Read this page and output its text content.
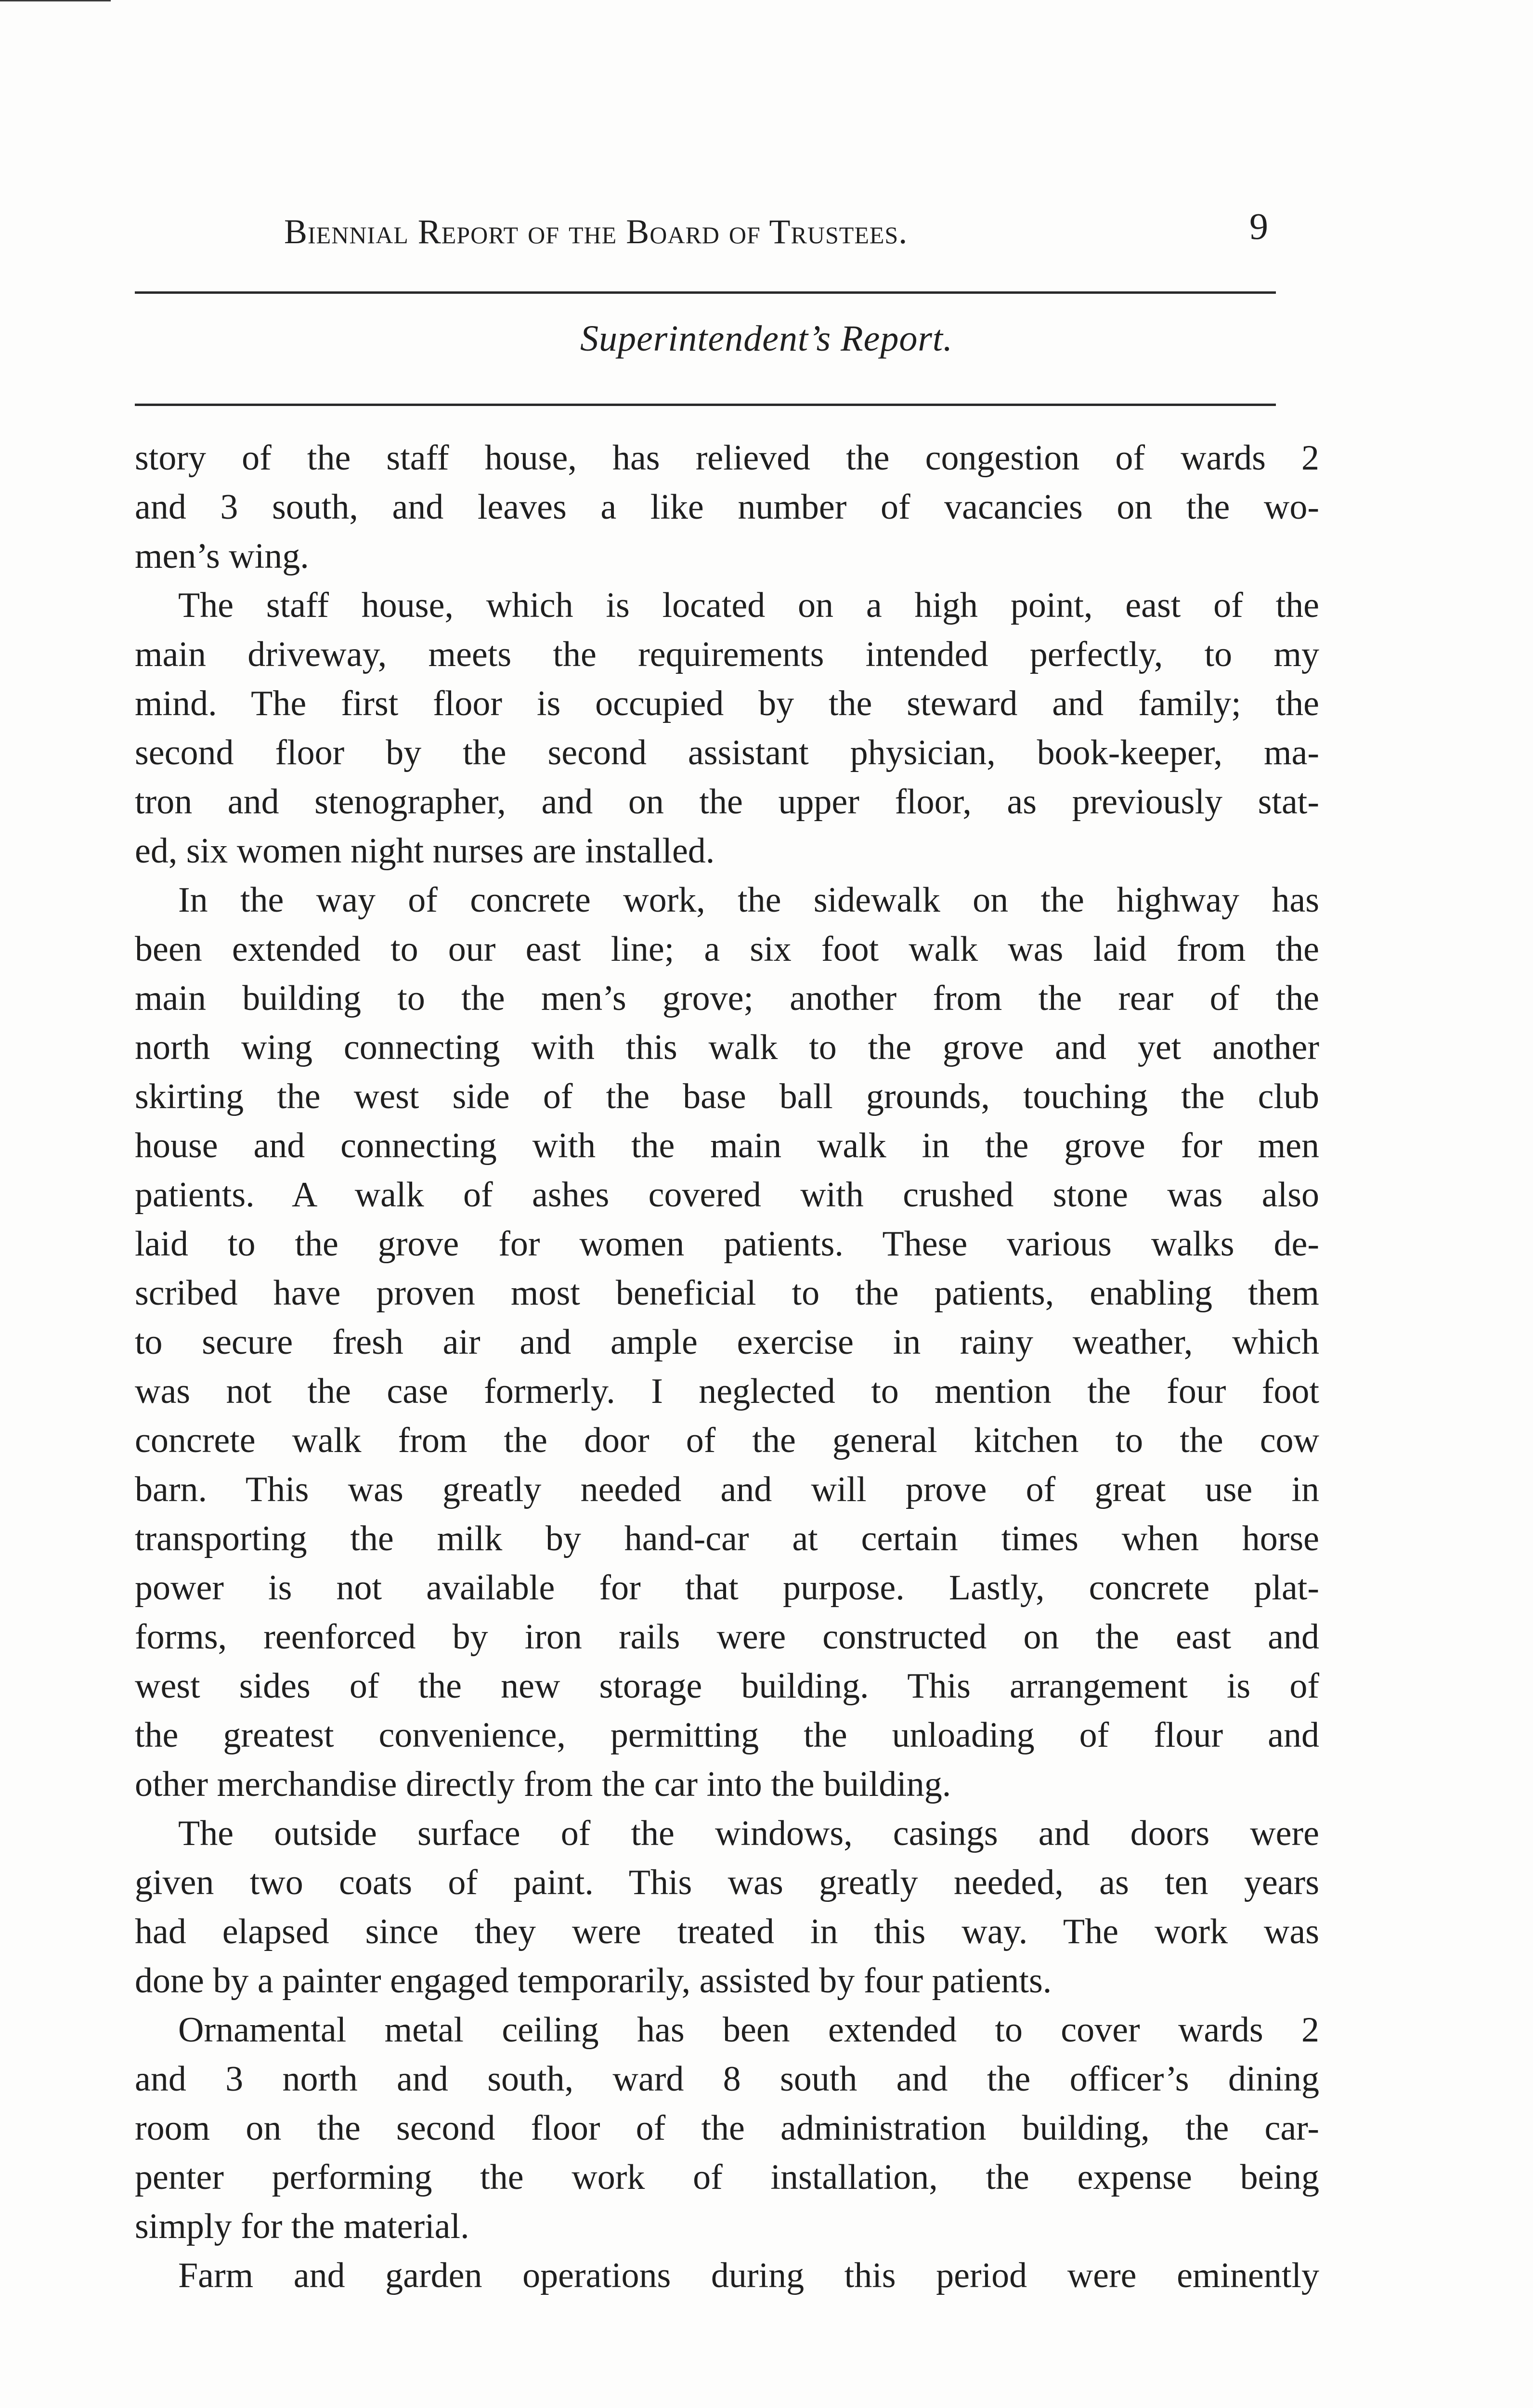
Biennial Report of the Board of Trustees.	9
Superintendent’s Report.
story of the staff house, has relieved the congestion of wards 2
and 3 south, and leaves a like number of vacancies on the wo-
men’s wing.
The staff house, which is located on a high point, east of the
main driveway, meets the requirements intended perfectly, to my
mind. The first floor is occupied by the steward and family; the
second floor by the second assistant physician, book-keeper, ma-
tron and stenographer, and on the upper floor, as previously stat-
ed, six women night nurses are installed.
In the way of concrete work, the sidewalk on the highway has
been extended to our east line; a six foot walk was laid from the
main building to the men’s grove; another from the rear of the
north wing connecting with this walk to the grove and yet another
skirting the west side of the base ball grounds, touching the club
house and connecting with the main walk in the grove for men
patients. A walk of ashes covered with crushed stone was also
laid to the grove for women patients. These various walks de-
scribed have proven most beneficial to the patients, enabling them
to secure fresh air and ample exercise in rainy weather, which
was not the case formerly. I neglected to mention the four foot
concrete walk from the door of the general kitchen to the cow
barn. This was greatly needed and will prove of great use in
transporting the milk by hand-car at certain times when horse
power is not available for that purpose. Lastly, concrete plat-
forms, reenforced by iron rails were constructed on the east and
west sides of the new storage building. This arrangement is of
the greatest convenience, permitting the unloading of flour and
other merchandise directly from the car into the building.
The outside surface of the windows, casings and doors were
given two coats of paint. This was greatly needed, as ten years
had elapsed since they were treated in this way. The work was
done by a painter engaged temporarily, assisted by four patients.
Ornamental metal ceiling has been extended to cover wards 2
and 3 north and south, ward 8 south and the officer’s dining
room on the second floor of the administration building, the car-
penter performing the work of installation, the expense being
simply for the material.
Farm and garden operations during this period were eminently
